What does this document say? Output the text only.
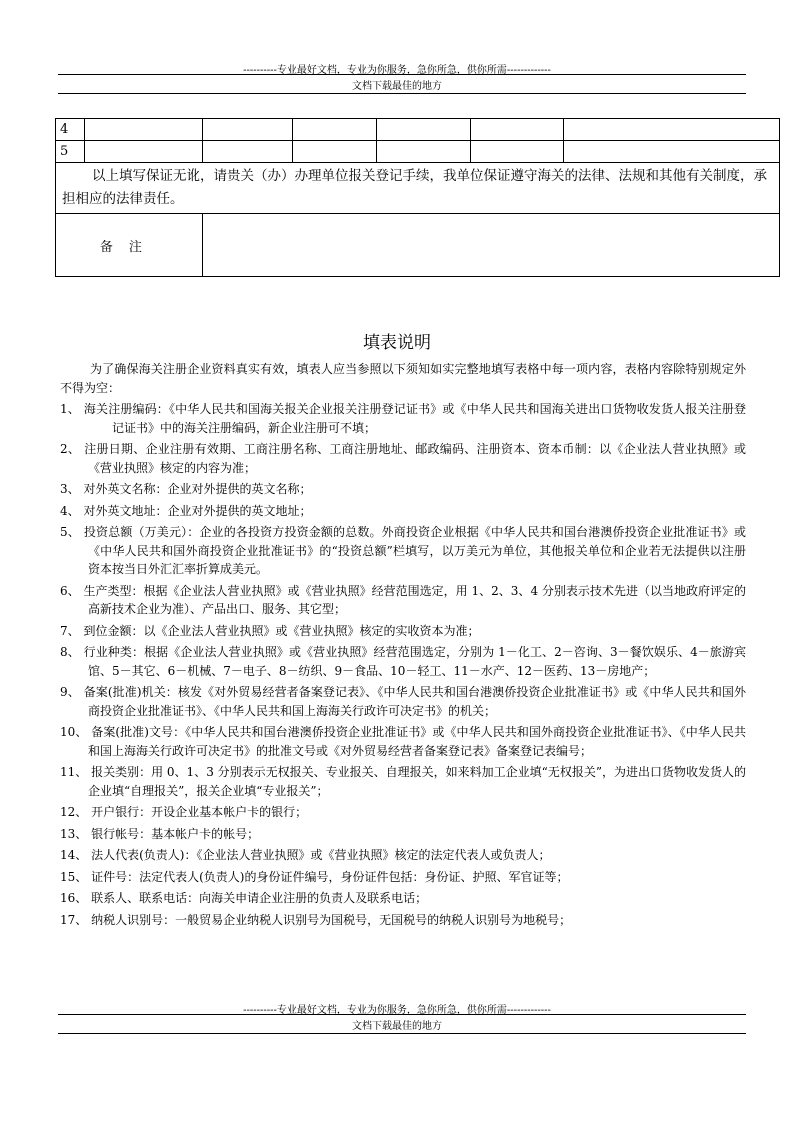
----------专业最好文档，专业为你服务，急你所急，供你所需-------------
文档下载最佳的地方
4						
5						
以上填写保证无讹，请贵关（办）办理单位报关登记手续，我单位保证遵守海关的法律、法规和其他有关制度，承担相应的法律责任。						
备注						
填表说明

为了确保海关注册企业资料真实有效，填表人应当参照以下须知如实完整地填写表格中每一项内容，表格内容除特别规定外不得为空：

1、 海关注册编码：《中华人民共和国海关报关企业报关注册登记证书》或《中华人民共和国海关进出口货物收发货人报关注册登记证书》中的海关注册编码，新企业注册可不填；

2、 注册日期、企业注册有效期、工商注册名称、工商注册地址、邮政编码、注册资本、资本币制：以《企业法人营业执照》或《营业执照》核定的内容为准；

3、 对外英文名称：企业对外提供的英文名称；

4、 对外英文地址：企业对外提供的英文地址；

5、 投资总额（万美元）：企业的各投资方投资金额的总数。外商投资企业根据《中华人民共和国台港澳侨投资企业批准证书》或《中华人民共和国外商投资企业批准证书》的“投资总额”栏填写，以万美元为单位，其他报关单位和企业若无法提供以注册资本按当日外汇汇率折算成美元。

6、 生产类型：根据《企业法人营业执照》或《营业执照》经营范围选定，用 1、2、3、4 分别表示技术先进（以当地政府评定的高新技术企业为准）、产品出口、服务、其它型；

7、 到位金额：以《企业法人营业执照》或《营业执照》核定的实收资本为准；

8、 行业种类：根据《企业法人营业执照》或《营业执照》经营范围选定，分别为 1－化工、2－咨询、3－餐饮娱乐、4－旅游宾馆、5－其它、6－机械、7－电子、8－纺织、9－食品、10－轻工、11－水产、12－医药、13－房地产；

9、 备案(批准)机关：核发《对外贸易经营者备案登记表》、《中华人民共和国台港澳侨投资企业批准证书》或《中华人民共和国外商投资企业批准证书》、《中华人民共和国上海海关行政许可决定书》的机关；

10、 备案(批准)文号：《中华人民共和国台港澳侨投资企业批准证书》或《中华人民共和国外商投资企业批准证书》、《中华人民共和国上海海关行政许可决定书》的批准文号或《对外贸易经营者备案登记表》备案登记表编号；

11、 报关类别：用 0、1、3 分别表示无权报关、专业报关、自理报关，如来料加工企业填“无权报关”，为进出口货物收发货人的企业填“自理报关”，报关企业填“专业报关”；

12、 开户银行：开设企业基本帐户卡的银行；

13、 银行帐号：基本帐户卡的帐号；

14、 法人代表(负责人)：《企业法人营业执照》或《营业执照》核定的法定代表人或负责人；

15、 证件号：法定代表人(负责人)的身份证件编号，身份证件包括：身份证、护照、军官证等；

16、 联系人、联系电话：向海关申请企业注册的负责人及联系电话；

17、 纳税人识别号：一般贸易企业纳税人识别号为国税号，无国税号的纳税人识别号为地税号；

----------专业最好文档，专业为你服务，急你所急，供你所需-------------
文档下载最佳的地方
